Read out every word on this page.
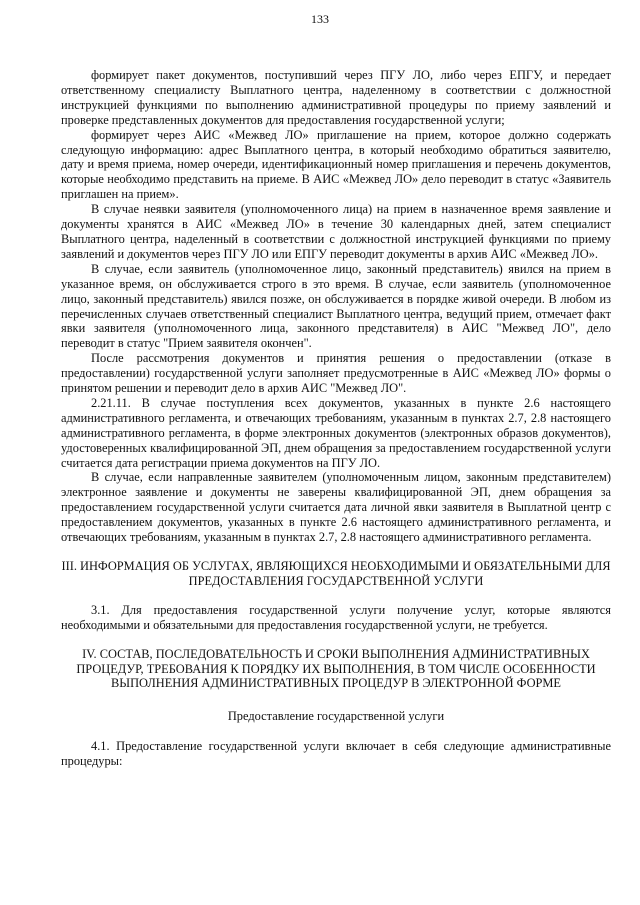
133

формирует пакет документов, поступивший через ПГУ ЛО, либо через ЕПГУ, и передает ответственному специалисту Выплатного центра, наделенному в соответствии с должностной инструкцией функциями по выполнению административной процедуры по приему заявлений и проверке представленных документов для предоставления государственной услуги;

формирует через АИС «Межвед ЛО» приглашение на прием, которое должно содержать следующую информацию: адрес Выплатного центра, в который необходимо обратиться заявителю, дату и время приема, номер очереди, идентификационный номер приглашения и перечень документов, которые необходимо представить на приеме. В АИС «Межвед ЛО» дело переводит в статус «Заявитель приглашен на прием».

В случае неявки заявителя (уполномоченного лица) на прием в назначенное время заявление и документы хранятся в АИС «Межвед ЛО» в течение 30 календарных дней, затем специалист Выплатного центра, наделенный в соответствии с должностной инструкцией функциями по приему заявлений и документов через ПГУ ЛО или ЕПГУ переводит документы в архив АИС «Межвед ЛО».

В случае, если заявитель (уполномоченное лицо, законный представитель) явился на прием в указанное время, он обслуживается строго в это время. В случае, если заявитель (уполномоченное лицо, законный представитель) явился позже, он обслуживается в порядке живой очереди. В любом из перечисленных случаев ответственный специалист Выплатного центра, ведущий прием, отмечает факт явки заявителя (уполномоченного лица, законного представителя) в АИС "Межвед ЛО", дело переводит в статус "Прием заявителя окончен".

После рассмотрения документов и принятия решения о предоставлении (отказе в предоставлении) государственной услуги заполняет предусмотренные в АИС «Межвед ЛО» формы о принятом решении и переводит дело в архив АИС "Межвед ЛО".

2.21.11. В случае поступления всех документов, указанных в пункте 2.6 настоящего административного регламента, и отвечающих требованиям, указанным в пунктах 2.7, 2.8 настоящего административного регламента, в форме электронных документов (электронных образов документов), удостоверенных квалифицированной ЭП, днем обращения за предоставлением государственной услуги считается дата регистрации приема документов на ПГУ ЛО.

В случае, если направленные заявителем (уполномоченным лицом, законным представителем) электронное заявление и документы не заверены квалифицированной ЭП, днем обращения за предоставлением государственной услуги считается дата личной явки заявителя в Выплатной центр с предоставлением документов, указанных в пункте 2.6 настоящего административного регламента, и отвечающих требованиям, указанным в пунктах 2.7, 2.8 настоящего административного регламента.

III. ИНФОРМАЦИЯ ОБ УСЛУГАХ, ЯВЛЯЮЩИХСЯ НЕОБХОДИМЫМИ И ОБЯЗАТЕЛЬНЫМИ ДЛЯ ПРЕДОСТАВЛЕНИЯ ГОСУДАРСТВЕННОЙ УСЛУГИ

3.1. Для предоставления государственной услуги получение услуг, которые являются необходимыми и обязательными для предоставления государственной услуги, не требуется.

IV. СОСТАВ, ПОСЛЕДОВАТЕЛЬНОСТЬ И СРОКИ ВЫПОЛНЕНИЯ АДМИНИСТРАТИВНЫХ ПРОЦЕДУР, ТРЕБОВАНИЯ К ПОРЯДКУ ИХ ВЫПОЛНЕНИЯ, В ТОМ ЧИСЛЕ ОСОБЕННОСТИ ВЫПОЛНЕНИЯ АДМИНИСТРАТИВНЫХ ПРОЦЕДУР В ЭЛЕКТРОННОЙ ФОРМЕ

Предоставление государственной услуги

4.1. Предоставление государственной услуги включает в себя следующие административные процедуры:
